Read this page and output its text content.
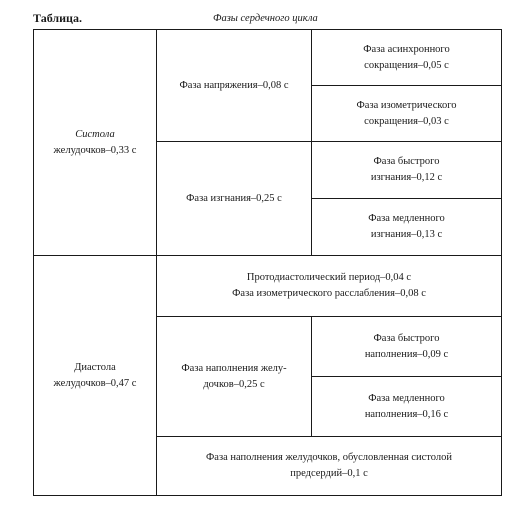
Таблица.	Фазы сердечного цикла
Систола
желудочков–0,33 с	Фаза напряжения–0,08 с	Фаза асинхронного
сокращения–0,05 с

		Фаза изометрического
сокращения–0,03 с

	Фаза изгнания–0,25 с	Фаза быстрого
изгнания–0,12 с

		Фаза медленного
изгнания–0,13 с

Диастола
желудочков–0,47 с	Протодиастолический период–0,04 с
Фаза изометрического расслабления–0,08 с	

	Фаза наполнения желу-
дочков–0,25 с	Фаза быстрого
наполнения–0,09 с

		Фаза медленного
наполнения–0,16 с

	Фаза наполнения желудочков, обусловленная систолой
предсердий–0,1 с	
